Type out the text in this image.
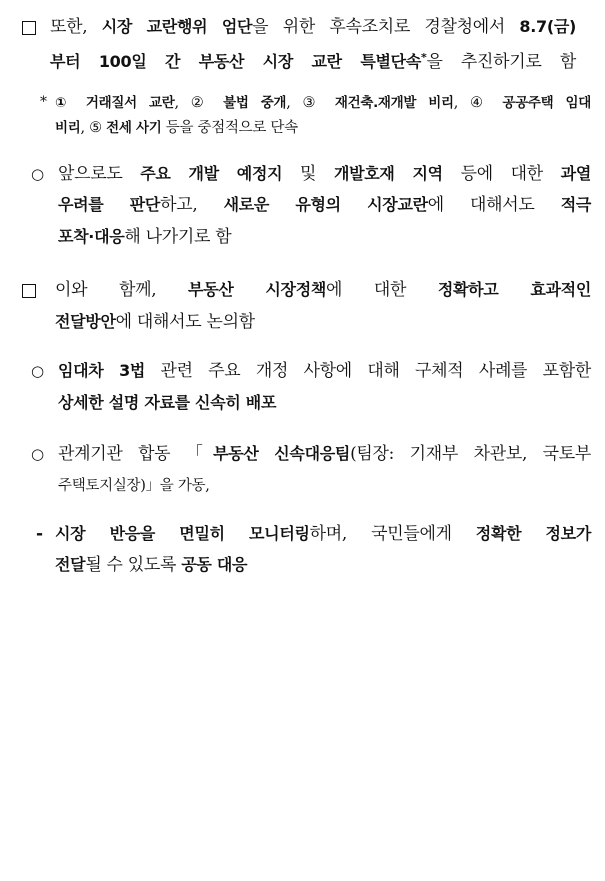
또한, 시장 교란행위 엄단을 위한 후속조치로 경찰청에서 8.7(금)
부터 100일 간 부동산 시장 교란 특별단속*을 추진하기로 함
* ① 거래질서 교란, ② 불법 중개, ③ 재건축.재개발 비리, ④ 공공주택 임대
비리, ⑤ 전세 사기 등을 중점적으로 단속
○ 앞으로도 주요 개발 예정지 및 개발호재 지역 등에 대한 과열
우려를 판단하고, 새로운 유형의 시장교란에 대해서도 적극
포착·대응해 나가기로 함
이와 함께, 부동산 시장정책에 대한 정확하고 효과적인
전달방안에 대해서도 논의함
○ 임대차 3법 관련 주요 개정 사항에 대해 구체적 사례를 포함한
상세한 설명 자료를 신속히 배포
○ 관계기관 합동 「부동산 신속대응팀(팀장: 기재부 차관보, 국토부
주택토지실장)」을 가동,
- 시장 반응을 면밀히 모니터링하며, 국민들에게 정확한 정보가
전달될 수 있도록 공동 대응
